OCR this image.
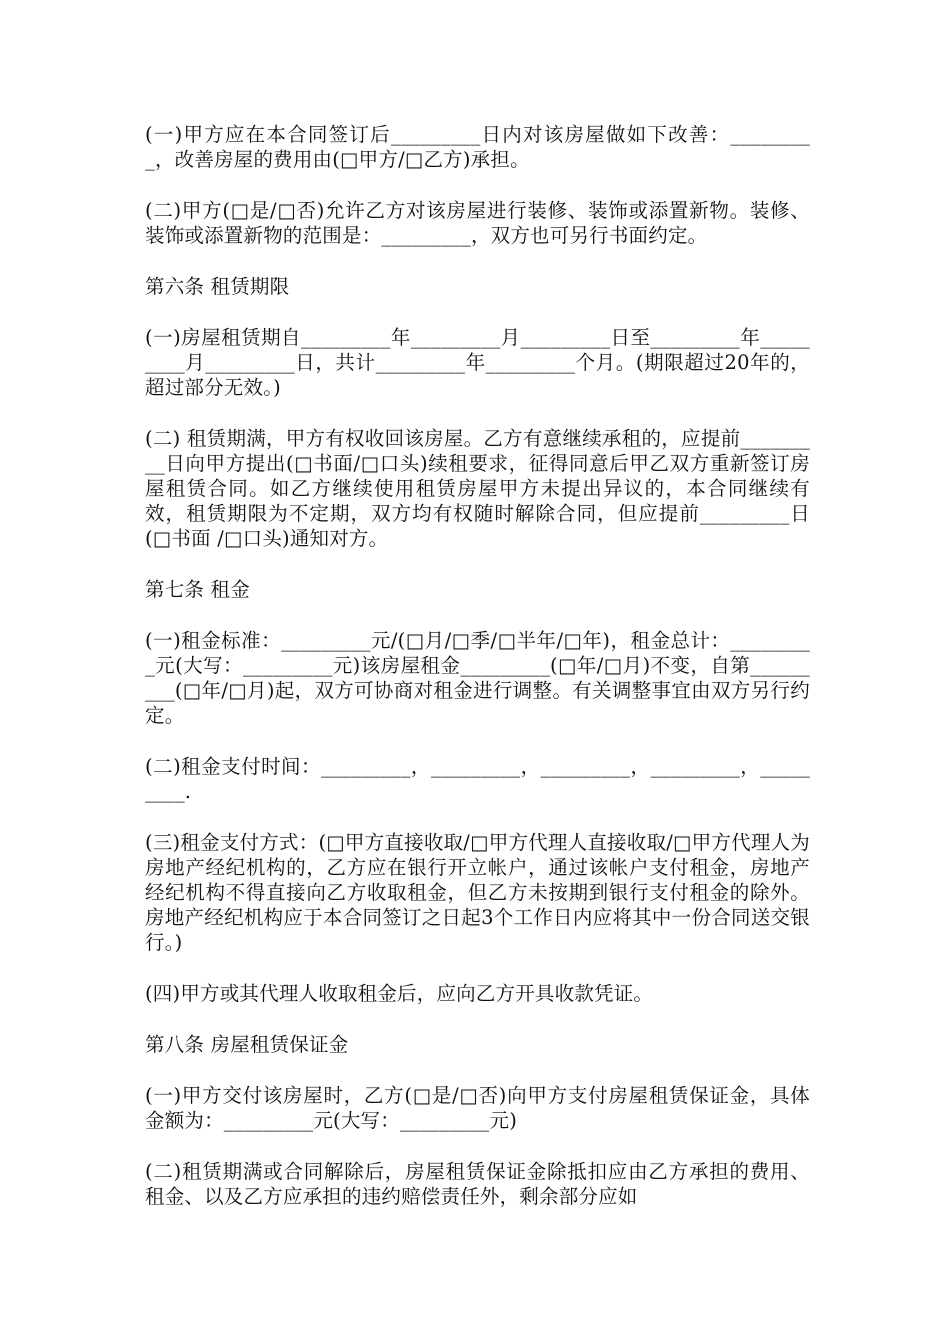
(一)甲方应在本合同签订后_________日内对该房屋做如下改善：_________，改善房屋的费用由(□甲方/□乙方)承担。

(二)甲方(□是/□否)允许乙方对该房屋进行装修、装饰或添置新物。装修、装饰或添置新物的范围是：_________，双方也可另行书面约定。

第六条 租赁期限

(一)房屋租赁期自_________年_________月_________日至_________年_________月_________日，共计_________年_________个月。(期限超过20年的，超过部分无效。)

(二) 租赁期满，甲方有权收回该房屋。乙方有意继续承租的，应提前_________日向甲方提出(□书面/□口头)续租要求，征得同意后甲乙双方重新签订房屋租赁合同。如乙方继续使用租赁房屋甲方未提出异议的，本合同继续有效，租赁期限为不定期，双方均有权随时解除合同，但应提前_________日(□书面 /□口头)通知对方。

第七条 租金

(一)租金标准：_________元/(□月/□季/□半年/□年)，租金总计：_________元(大写：_________元)该房屋租金_________(□年/□月)不变，自第_________(□年/□月)起，双方可协商对租金进行调整。有关调整事宜由双方另行约定。

(二)租金支付时间：_________，_________，_________，_________，_________.

(三)租金支付方式：(□甲方直接收取/□甲方代理人直接收取/□甲方代理人为房地产经纪机构的，乙方应在银行开立帐户，通过该帐户支付租金，房地产经纪机构不得直接向乙方收取租金，但乙方未按期到银行支付租金的除外。房地产经纪机构应于本合同签订之日起3个工作日内应将其中一份合同送交银行。)

(四)甲方或其代理人收取租金后，应向乙方开具收款凭证。

第八条 房屋租赁保证金

(一)甲方交付该房屋时，乙方(□是/□否)向甲方支付房屋租赁保证金，具体金额为：_________元(大写：_________元)

(二)租赁期满或合同解除后，房屋租赁保证金除抵扣应由乙方承担的费用、租金、以及乙方应承担的违约赔偿责任外，剩余部分应如
